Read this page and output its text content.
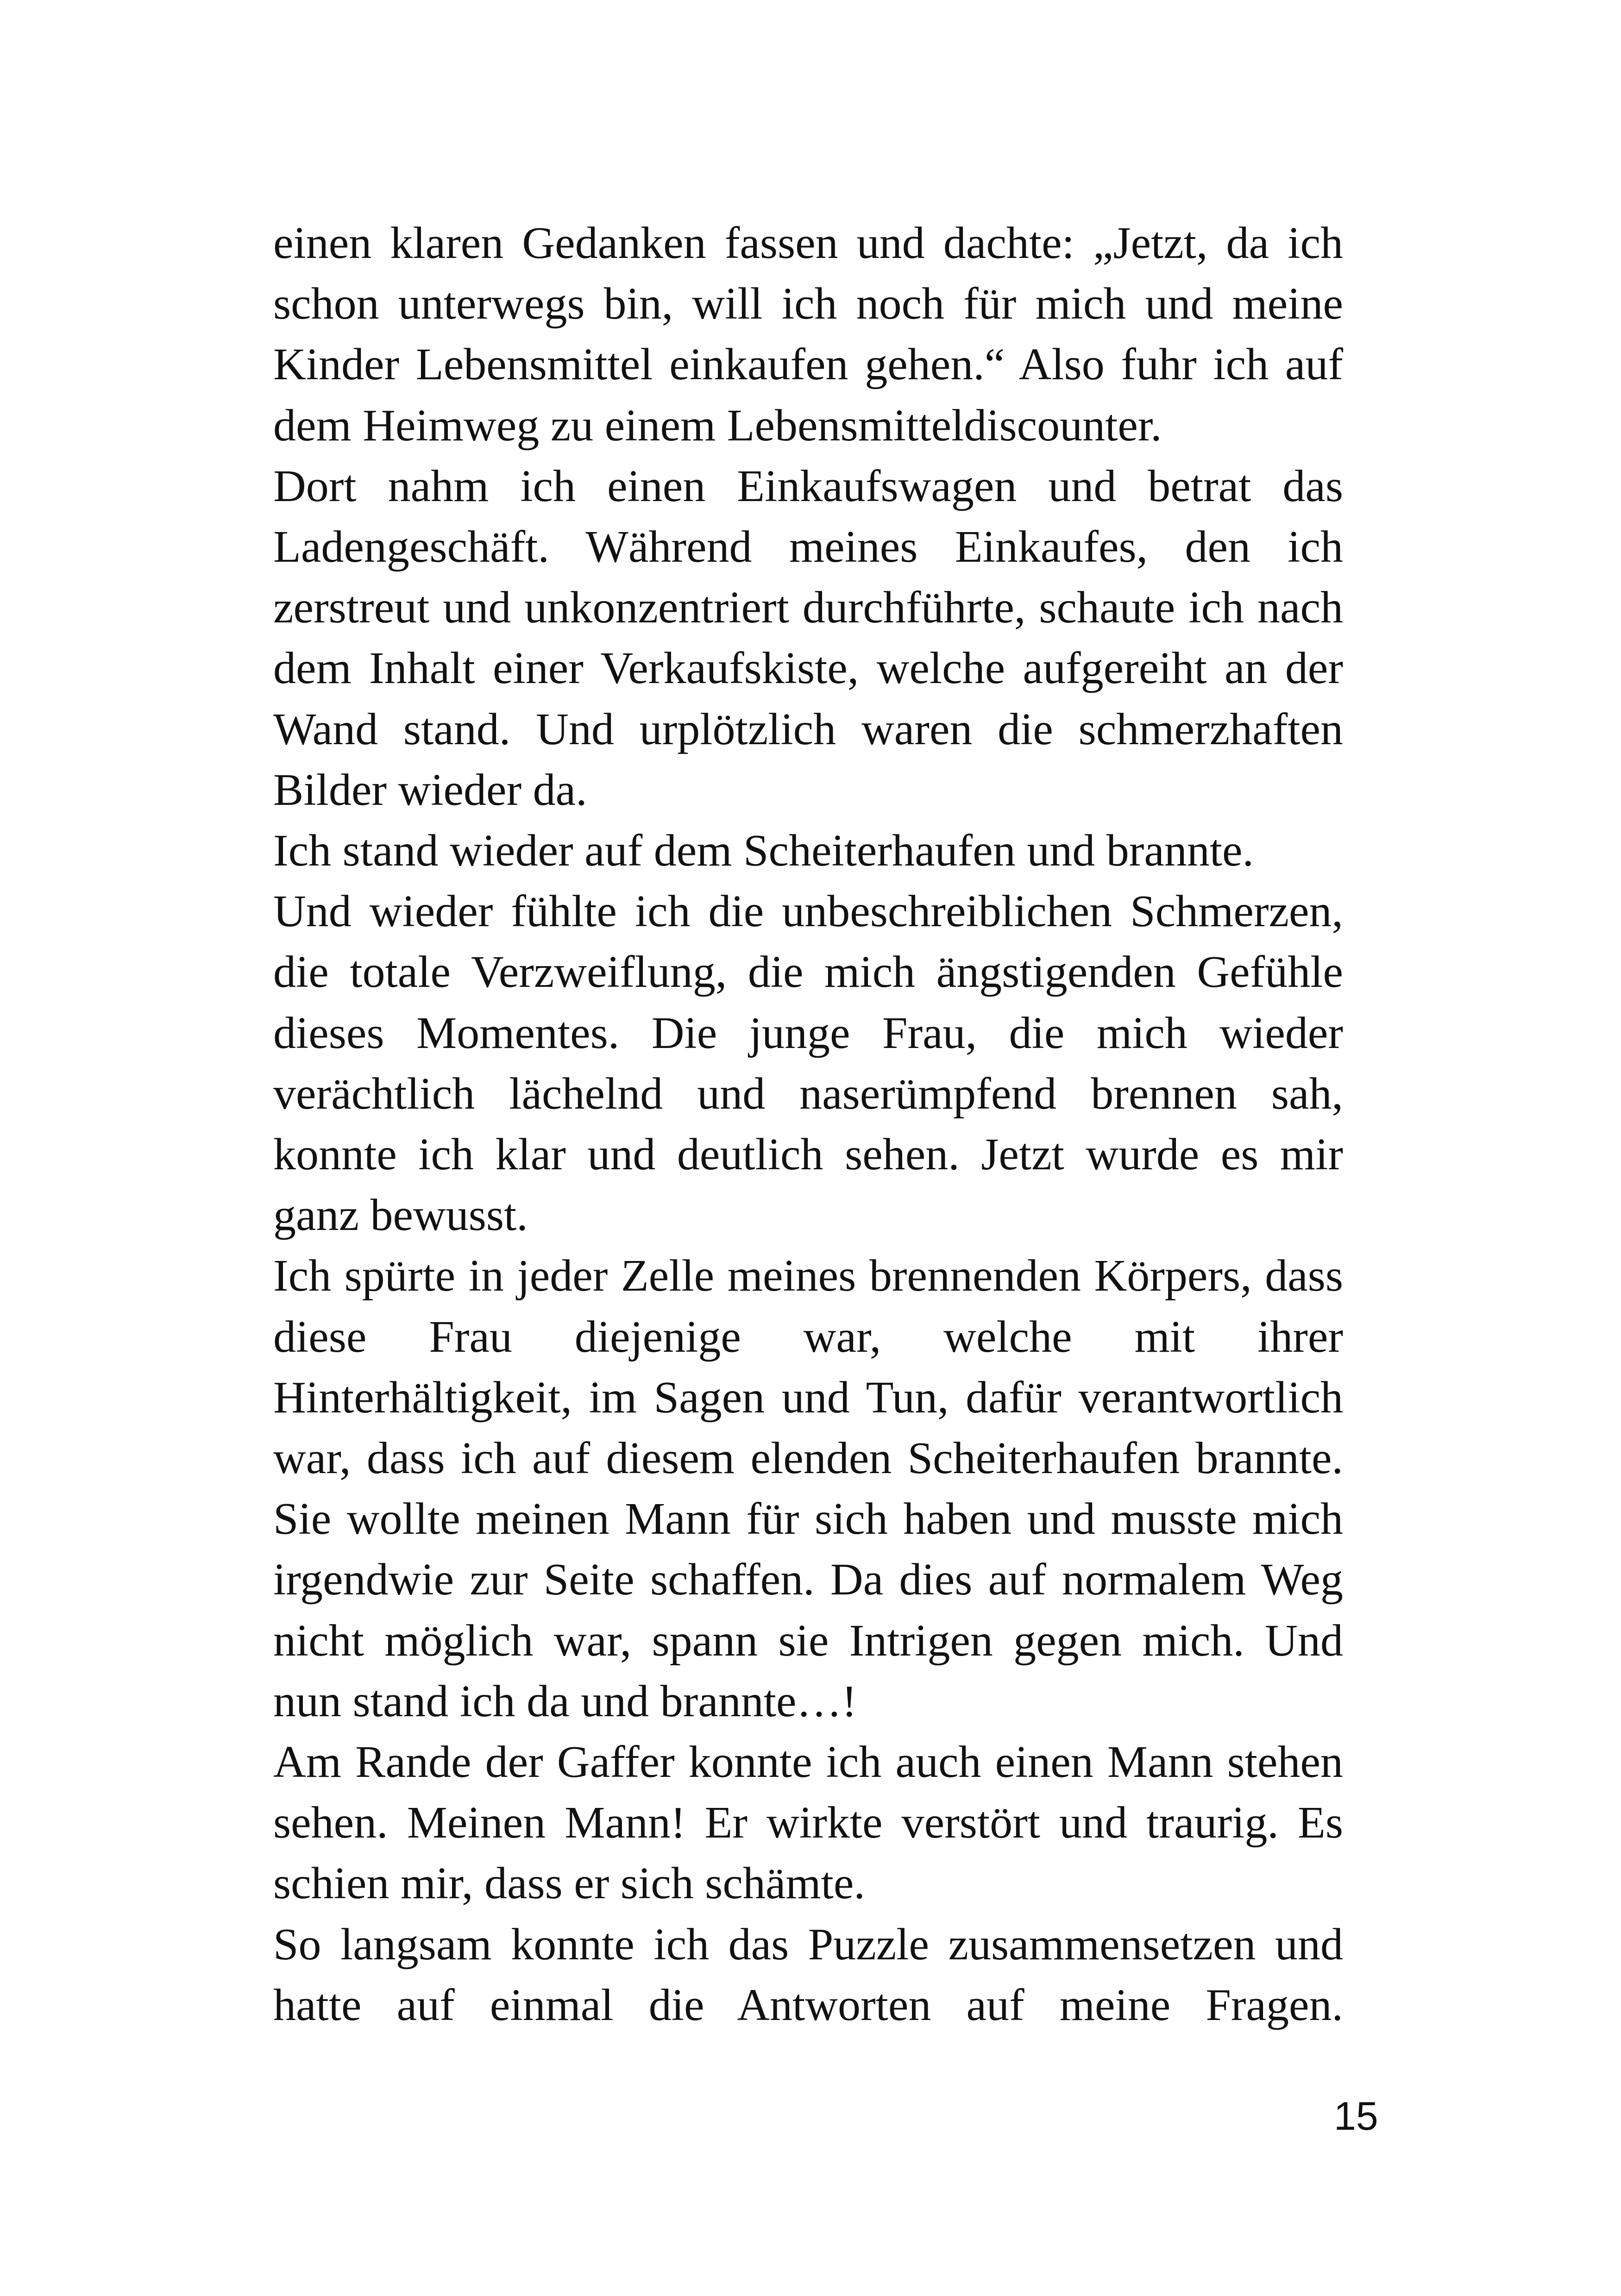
einen klaren Gedanken fassen und dachte: „Jetzt, da ich schon unterwegs bin, will ich noch für mich und meine Kinder Lebensmittel einkaufen gehen.“ Also fuhr ich auf dem Heimweg zu einem Lebensmitteldiscounter.

Dort nahm ich einen Einkaufswagen und betrat das Ladengeschäft. Während meines Einkaufes, den ich zerstreut und unkonzentriert durchführte, schaute ich nach dem Inhalt einer Verkaufskiste, welche aufgereiht an der Wand stand. Und urplötzlich waren die schmerzhaften Bilder wieder da.

Ich stand wieder auf dem Scheiterhaufen und brannte.

Und wieder fühlte ich die unbeschreiblichen Schmerzen, die totale Verzweiflung, die mich ängstigenden Gefühle dieses Momentes. Die junge Frau, die mich wieder verächtlich lächelnd und naserümpfend brennen sah, konnte ich klar und deutlich sehen. Jetzt wurde es mir ganz bewusst.

Ich spürte in jeder Zelle meines brennenden Körpers, dass diese Frau diejenige war, welche mit ihrer Hinterhältigkeit, im Sagen und Tun, dafür verantwortlich war, dass ich auf diesem elenden Scheiterhaufen brannte. Sie wollte meinen Mann für sich haben und musste mich irgendwie zur Seite schaffen. Da dies auf normalem Weg nicht möglich war, spann sie Intrigen gegen mich. Und nun stand ich da und brannte…!

Am Rande der Gaffer konnte ich auch einen Mann stehen sehen. Meinen Mann! Er wirkte verstört und traurig. Es schien mir, dass er sich schämte.

So langsam konnte ich das Puzzle zusammensetzen und hatte auf einmal die Antworten auf meine Fragen.

15
